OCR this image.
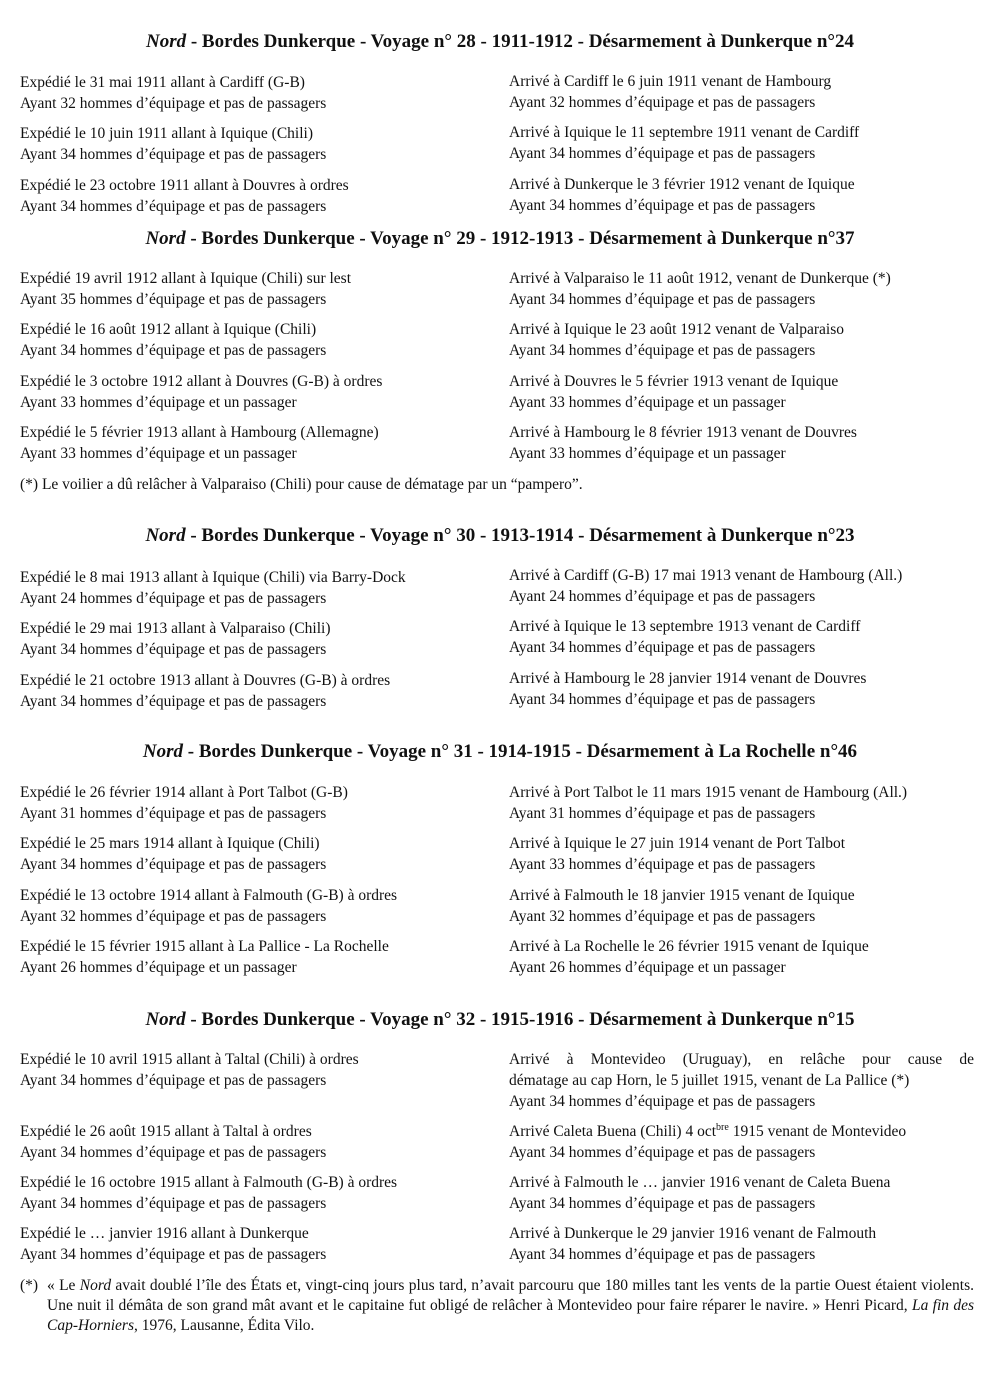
Nord - Bordes Dunkerque - Voyage n° 28 - 1911-1912 - Désarmement à Dunkerque n°24
Expédié le 31 mai 1911 allant à Cardiff (G-B)
Ayant 32 hommes d’équipage et pas de passagers
Expédié le 10 juin 1911 allant à Iquique (Chili)
Ayant 34 hommes d’équipage et pas de passagers
Expédié le 23 octobre 1911 allant à Douvres à ordres
Ayant 34 hommes d’équipage et pas de passagers
Arrivé à Cardiff le 6 juin 1911 venant de Hambourg
Ayant 32 hommes d’équipage et pas de passagers
Arrivé à Iquique le 11 septembre 1911 venant de Cardiff
Ayant 34 hommes d’équipage et pas de passagers
Arrivé à Dunkerque le 3 février 1912 venant de Iquique
Ayant 34 hommes d’équipage et pas de passagers
Nord - Bordes Dunkerque - Voyage n° 29 - 1912-1913 - Désarmement à Dunkerque n°37
Expédié 19 avril 1912 allant à Iquique (Chili) sur lest
Ayant 35 hommes d’équipage et pas de passagers
Expédié le 16 août 1912 allant à Iquique (Chili)
Ayant 34 hommes d’équipage et pas de passagers
Expédié le 3 octobre 1912 allant à Douvres (G-B) à ordres
Ayant 33 hommes d’équipage et un passager
Expédié le 5 février 1913 allant à Hambourg (Allemagne)
Ayant 33 hommes d’équipage et un passager
Arrivé à Valparaiso le 11 août 1912, venant de Dunkerque (*)
Ayant 34 hommes d’équipage et pas de passagers
Arrivé à Iquique le 23 août 1912 venant de Valparaiso
Ayant 34 hommes d’équipage et pas de passagers
Arrivé à Douvres le 5 février 1913 venant de Iquique
Ayant 33 hommes d’équipage et un passager
Arrivé à Hambourg le 8 février 1913 venant de Douvres
Ayant 33 hommes d’équipage et un passager
(*) Le voilier a dû relâcher à Valparaiso (Chili) pour cause de dématage par un “pampero”.
Nord - Bordes Dunkerque - Voyage n° 30 - 1913-1914 - Désarmement à Dunkerque n°23
Expédié le 8 mai 1913 allant à Iquique (Chili) via Barry-Dock
Ayant 24 hommes d’équipage et pas de passagers
Expédié le 29 mai 1913 allant à Valparaiso (Chili)
Ayant 34 hommes d’équipage et pas de passagers
Expédié le 21 octobre 1913 allant à Douvres (G-B) à ordres
Ayant 34 hommes d’équipage et pas de passagers
Arrivé à Cardiff (G-B) 17 mai 1913 venant de Hambourg (All.)
Ayant 24 hommes d’équipage et pas de passagers
Arrivé à Iquique le 13 septembre 1913 venant de Cardiff
Ayant 34 hommes d’équipage et pas de passagers
Arrivé à Hambourg le 28 janvier 1914 venant de Douvres
Ayant 34 hommes d’équipage et pas de passagers
Nord - Bordes Dunkerque - Voyage n° 31 - 1914-1915 - Désarmement à La Rochelle n°46
Expédié le 26 février 1914 allant à Port Talbot (G-B)
Ayant 31 hommes d’équipage et pas de passagers
Expédié le 25 mars 1914 allant à Iquique (Chili)
Ayant 34 hommes d’équipage et pas de passagers
Expédié le 13 octobre 1914 allant à Falmouth (G-B) à ordres
Ayant 32 hommes d’équipage et pas de passagers
Expédié le 15 février 1915 allant à La Pallice - La Rochelle
Ayant 26 hommes d’équipage et un passager
Arrivé à Port Talbot le 11 mars 1915 venant de Hambourg (All.)
Ayant 31 hommes d’équipage et pas de passagers
Arrivé à Iquique le 27 juin 1914 venant de Port Talbot
Ayant 33 hommes d’équipage et pas de passagers
Arrivé à Falmouth le 18 janvier 1915 venant de Iquique
Ayant 32 hommes d’équipage et pas de passagers
Arrivé à La Rochelle le 26 février 1915 venant de Iquique
Ayant 26 hommes d’équipage et un passager
Nord - Bordes Dunkerque - Voyage n° 32 - 1915-1916 - Désarmement à Dunkerque n°15
Expédié le 10 avril 1915 allant à Taltal (Chili) à ordres
Ayant 34 hommes d’équipage et pas de passagers
Expédié le 26 août 1915 allant à Taltal à ordres
Ayant 34 hommes d’équipage et pas de passagers
Expédié le 16 octobre 1915 allant à Falmouth (G-B) à ordres
Ayant 34 hommes d’équipage et pas de passagers
Expédié le … janvier 1916 allant à Dunkerque
Ayant 34 hommes d’équipage et pas de passagers
Arrivé à Montevideo (Uruguay), en relâche pour cause de
dématage au cap Horn, le 5 juillet 1915, venant de La Pallice (*)
Ayant 34 hommes d’équipage et pas de passagers
Arrivé Caleta Buena (Chili) 4 oct$^{bre}$ 1915 venant de Montevideo
Ayant 34 hommes d’équipage et pas de passagers
Arrivé à Falmouth le … janvier 1916 venant de Caleta Buena
Ayant 34 hommes d’équipage et pas de passagers
Arrivé à Dunkerque le 29 janvier 1916 venant de Falmouth
Ayant 34 hommes d’équipage et pas de passagers
(*) « Le Nord avait doublé l’île des États et, vingt-cinq jours plus tard, n’avait parcouru que 180 milles tant les vents de la partie Ouest étaient violents. Une nuit il démâta de son grand mât avant et le capitaine fut obligé de relâcher à Montevideo pour faire réparer le navire. » Henri Picard, La fin des Cap-Horniers, 1976, Lausanne, Édita Vilo.
